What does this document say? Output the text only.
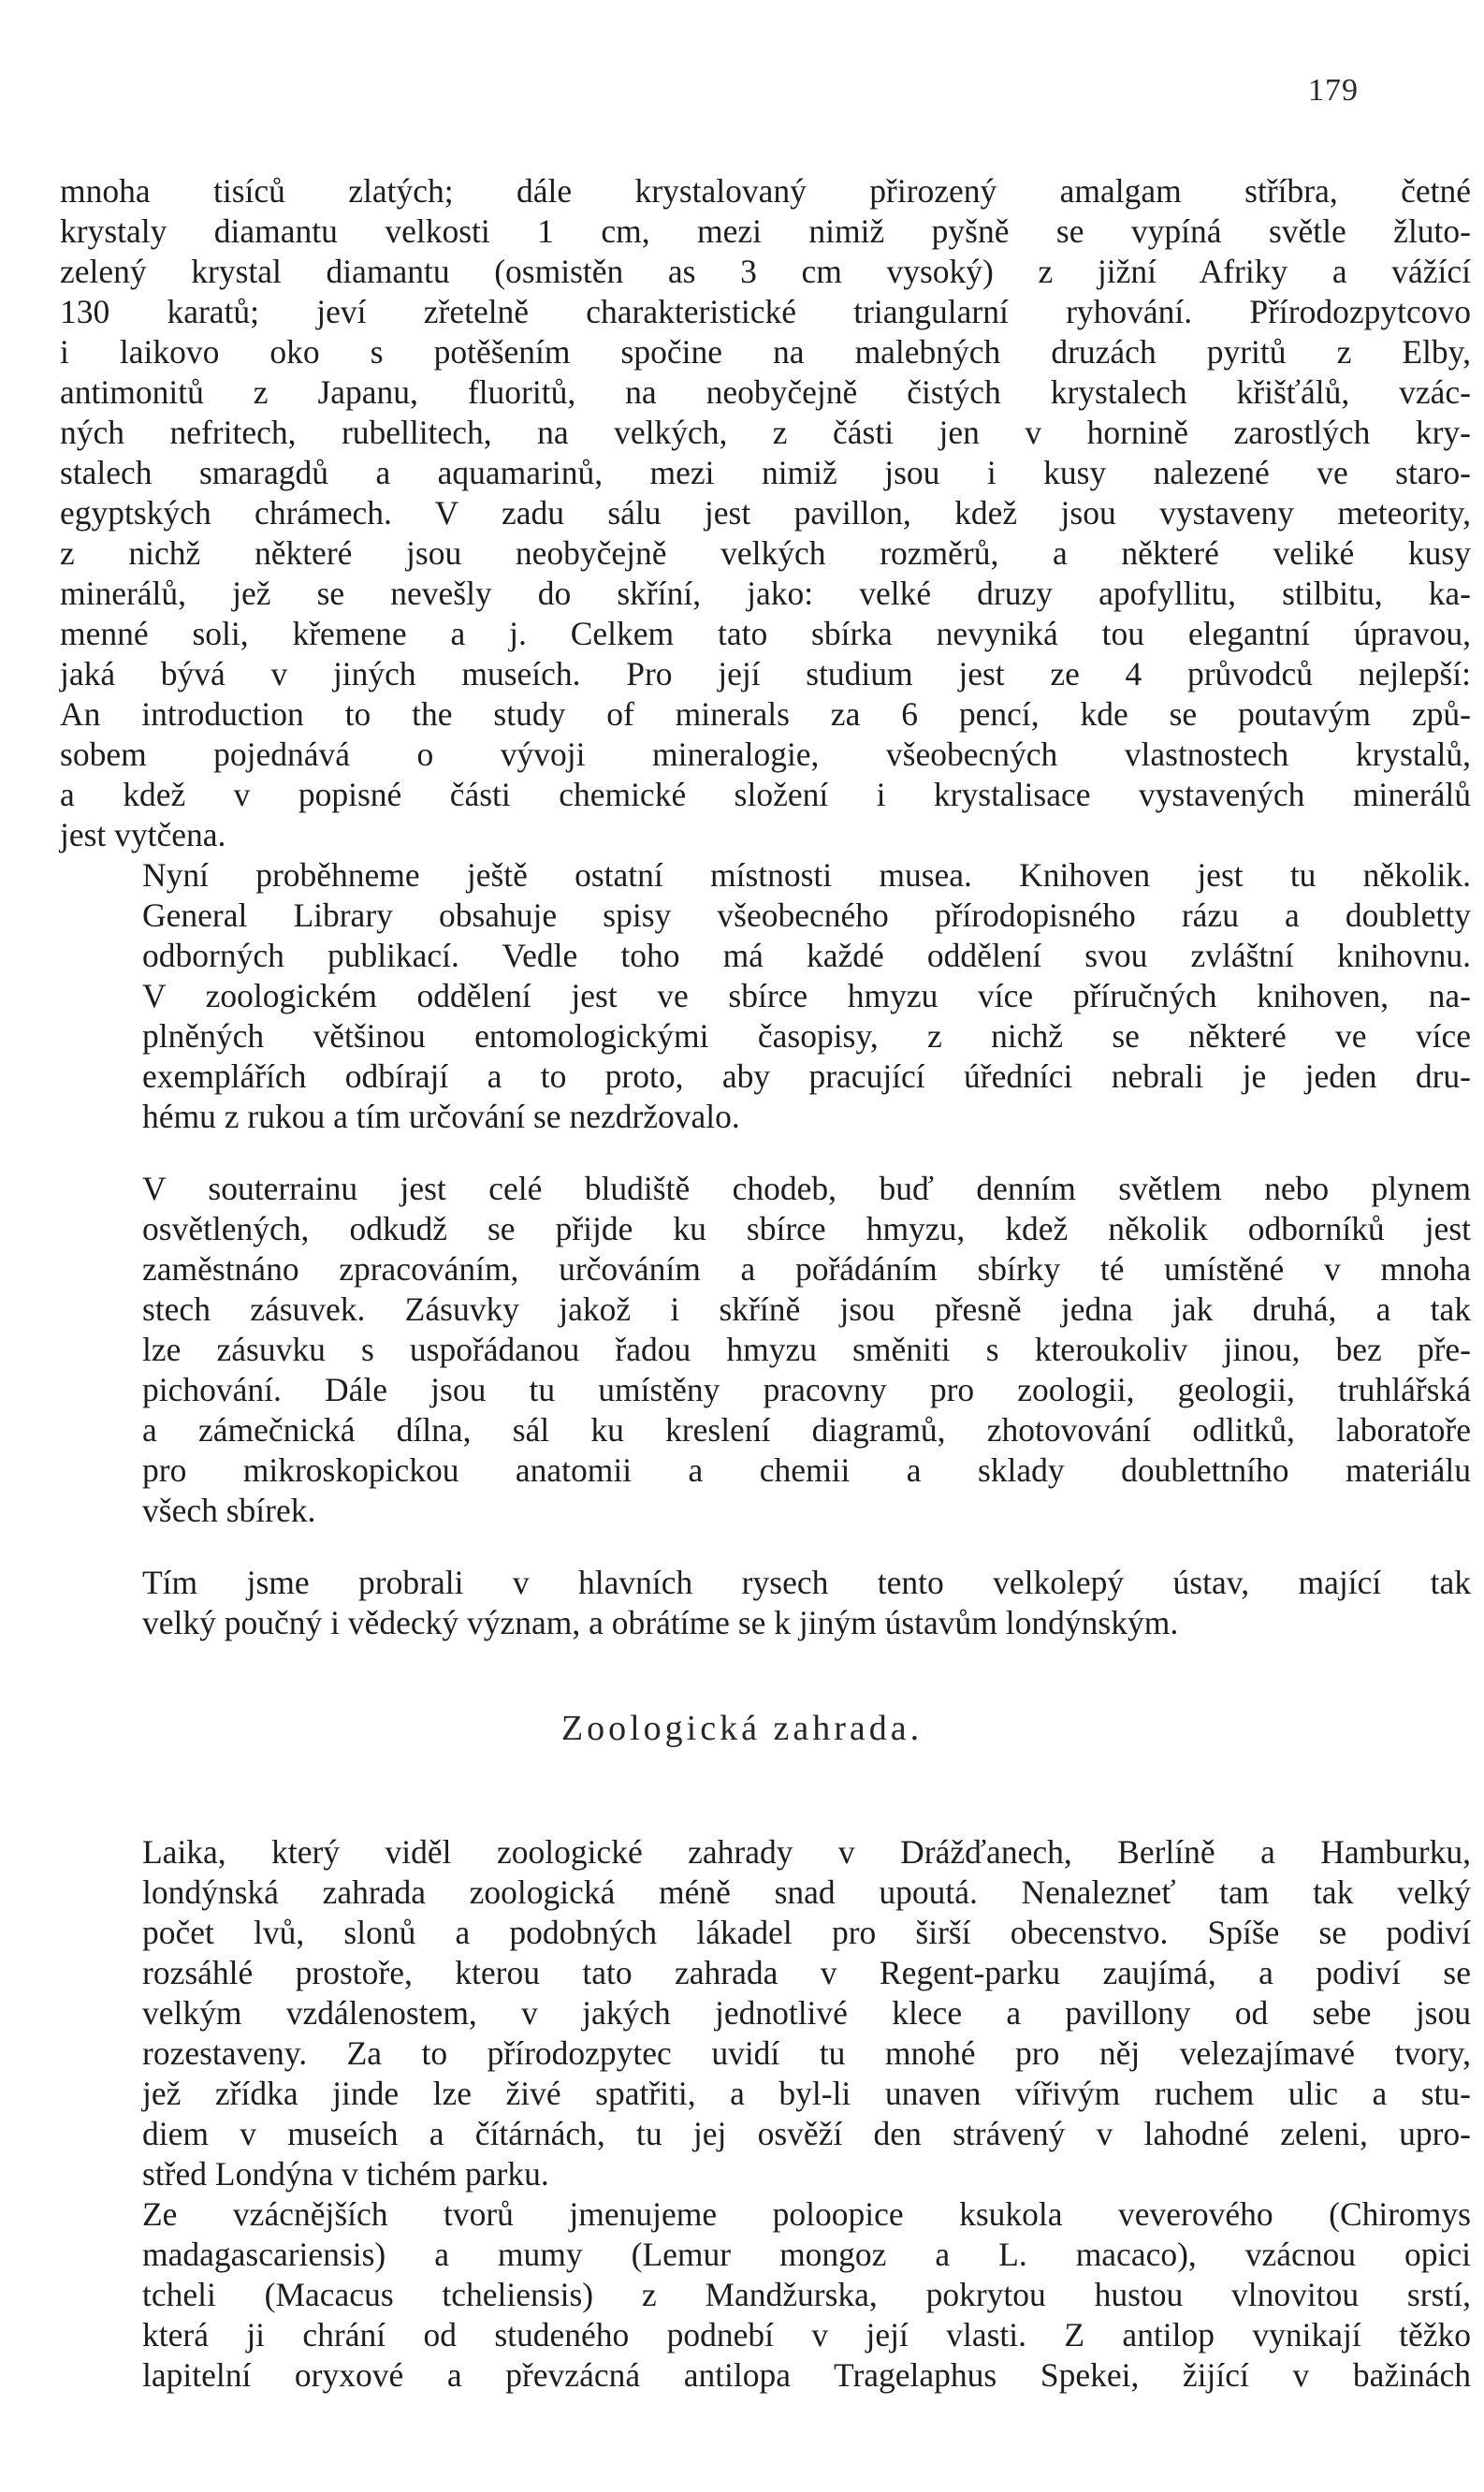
179

mnoha tisíců zlatých; dále krystalovaný přirozený amalgam stříbra, četné
krystaly diamantu velkosti 1 cm, mezi nimiž pyšně se vypíná světle žluto-
zelený krystal diamantu (osmistěn as 3 cm vysoký) z jižní Afriky a vážící
130 karatů; jeví zřetelně charakteristické triangularní ryhování. Přírodozpytcovo
i laikovo oko s potěšením spočine na malebných druzách pyritů z Elby,
antimonitů z Japanu, fluoritů, na neobyčejně čistých krystalech křišťálů, vzác-
ných nefritech, rubellitech, na velkých, z části jen v hornině zarostlých kry-
stalech smaragdů a aquamarinů, mezi nimiž jsou i kusy nalezené ve staro-
egyptských chrámech. V zadu sálu jest pavillon, kdež jsou vystaveny meteority,
z nichž některé jsou neobyčejně velkých rozměrů, a některé veliké kusy
minerálů, jež se nevešly do skříní, jako: velké druzy apofyllitu, stilbitu, ka-
menné soli, křemene a j. Celkem tato sbírka nevyniká tou elegantní úpravou,
jaká bývá v jiných museích. Pro její studium jest ze 4 průvodců nejlepší:
An introduction to the study of minerals za 6 pencí, kde se poutavým způ-
sobem pojednává o vývoji mineralogie, všeobecných vlastnostech krystalů,
a kdež v popisné části chemické složení i krystalisace vystavených minerálů
jest vytčena.

Nyní proběhneme ještě ostatní místnosti musea. Knihoven jest tu několik.
General Library obsahuje spisy všeobecného přírodopisného rázu a doubletty
odborných publikací. Vedle toho má každé oddělení svou zvláštní knihovnu.
V zoologickém oddělení jest ve sbírce hmyzu více příručných knihoven, na-
plněných většinou entomologickými časopisy, z nichž se některé ve více
exemplářích odbírají a to proto, aby pracující úředníci nebrali je jeden dru-
hému z rukou a tím určování se nezdržovalo.

V souterrainu jest celé bludiště chodeb, buď denním světlem nebo plynem
osvětlených, odkudž se přijde ku sbírce hmyzu, kdež několik odborníků jest
zaměstnáno zpracováním, určováním a pořádáním sbírky té umístěné v mnoha
stech zásuvek. Zásuvky jakož i skříně jsou přesně jedna jak druhá, a tak
lze zásuvku s uspořádanou řadou hmyzu směniti s kteroukoliv jinou, bez pře-
pichování. Dále jsou tu umístěny pracovny pro zoologii, geologii, truhlářská
a zámečnická dílna, sál ku kreslení diagramů, zhotovování odlitků, laboratoře
pro mikroskopickou anatomii a chemii a sklady doublettního materiálu
všech sbírek.

Tím jsme probrali v hlavních rysech tento velkolepý ústav, mající tak
velký poučný i vědecký význam, a obrátíme se k jiným ústavům londýnským.

Zoologická zahrada.

Laika, který viděl zoologické zahrady v Drážďanech, Berlíně a Hamburku,
londýnská zahrada zoologická méně snad upoutá. Nenalezneť tam tak velký
počet lvů, slonů a podobných lákadel pro širší obecenstvo. Spíše se podiví
rozsáhlé prostoře, kterou tato zahrada v Regent-parku zaujímá, a podiví se
velkým vzdálenostem, v jakých jednotlivé klece a pavillony od sebe jsou
rozestaveny. Za to přírodozpytec uvidí tu mnohé pro něj velezajímavé tvory,
jež zřídka jinde lze živé spatřiti, a byl-li unaven vířivým ruchem ulic a stu-
diem v museích a čítárnách, tu jej osvěží den strávený v lahodné zeleni, upro-
střed Londýna v tichém parku.

Ze vzácnějších tvorů jmenujeme poloopice ksukola veverového (Chiromys
madagascariensis) a mumy (Lemur mongoz a L. macaco), vzácnou opici
tcheli (Macacus tcheliensis) z Mandžurska, pokrytou hustou vlnovitou srstí,
která ji chrání od studeného podnebí v její vlasti. Z antilop vynikají těžko
lapitelní oryxové a převzácná antilopa Tragelaphus Spekei, žijící v bažinách
